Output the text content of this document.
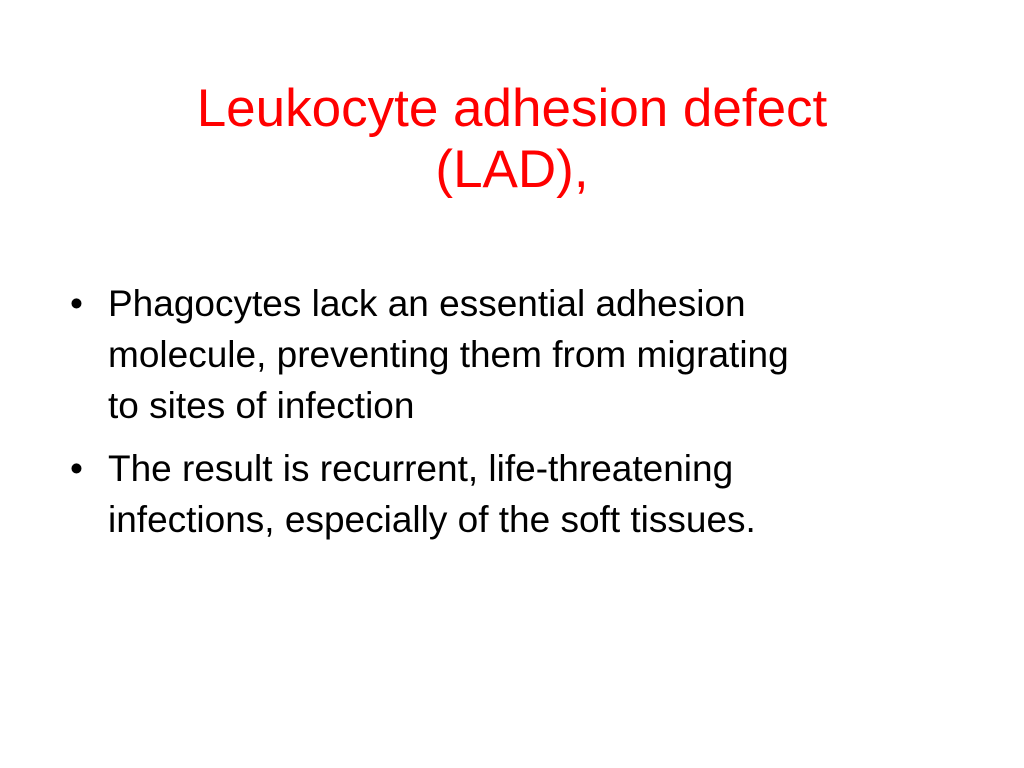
Leukocyte adhesion defect
(LAD),
• Phagocytes lack an essential adhesion
molecule, preventing them from migrating
to sites of infection
• The result is recurrent, life-threatening
infections, especially of the soft tissues.
